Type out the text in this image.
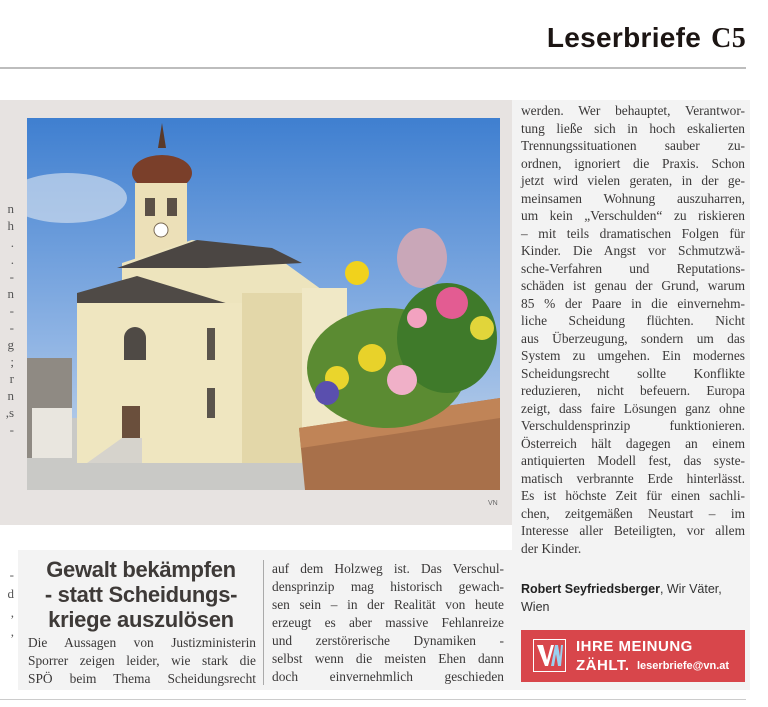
Leserbriefe C5
n
h
.
.
-
n
-
-
g
;
r
n
,s
-
VN
werden. Wer behauptet, Verantwor-
tung ließe sich in hoch eskalierten
Trennungssituationen sauber zu-
ordnen, ignoriert die Praxis. Schon
jetzt wird vielen geraten, in der ge-
meinsamen Wohnung auszuharren,
um kein „Verschulden“ zu riskieren
– mit teils dramatischen Folgen für
Kinder. Die Angst vor Schmutzwä-
sche-Verfahren und Reputations-
schäden ist genau der Grund, warum
85 % der Paare in die einvernehm-
liche Scheidung flüchten. Nicht
aus Überzeugung, sondern um das
System zu umgehen. Ein modernes
Scheidungsrecht sollte Konflikte
reduzieren, nicht befeuern. Europa
zeigt, dass faire Lösungen ganz ohne
Verschuldensprinzip funktionieren.
Österreich hält dagegen an einem
antiquierten Modell fest, das syste-
matisch verbrannte Erde hinterlässt.
Es ist höchste Zeit für einen sachli-
chen, zeitgemäßen Neustart – im
Interesse aller Beteiligten, vor allem
der Kinder.
Robert Seyfriedsberger, Wir Väter,
Wien
IHRE MEINUNG
ZÄHLT. leserbriefe@vn.at
-
d
,
,
Gewalt bekämpfen
- statt Scheidungs-
kriege auszulösen
Die Aussagen von Justizministerin
Sporrer zeigen leider, wie stark die
SPÖ beim Thema Scheidungsrecht
auf dem Holzweg ist. Das Verschul-
densprinzip mag historisch gewach-
sen sein – in der Realität von heute
erzeugt es aber massive Fehlanreize
und zerstörerische Dynamiken -
selbst wenn die meisten Ehen dann
doch einvernehmlich geschieden
